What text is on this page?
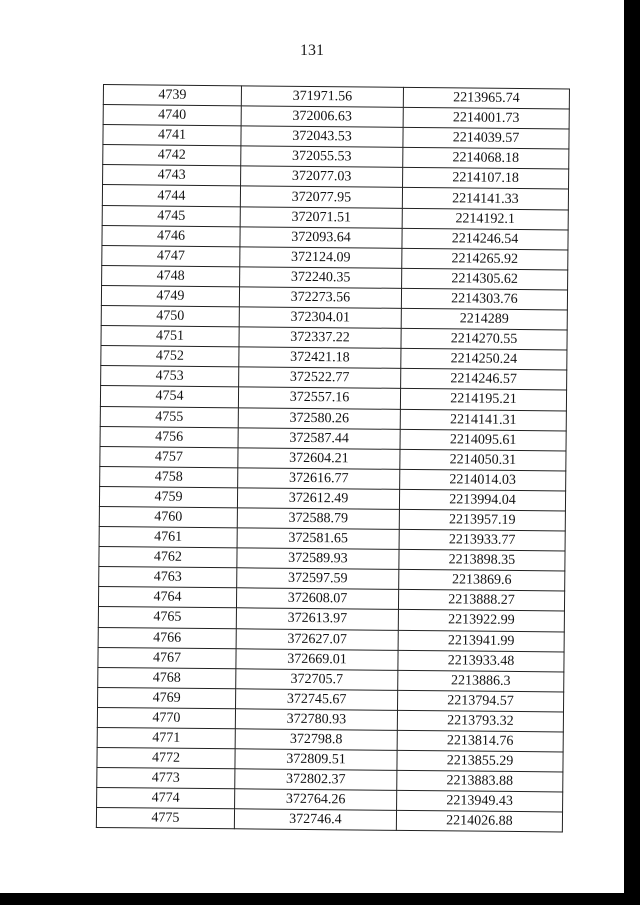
131
4739	371971.56	2213965.74
4740	372006.63	2214001.73
4741	372043.53	2214039.57
4742	372055.53	2214068.18
4743	372077.03	2214107.18
4744	372077.95	2214141.33
4745	372071.51	2214192.1
4746	372093.64	2214246.54
4747	372124.09	2214265.92
4748	372240.35	2214305.62
4749	372273.56	2214303.76
4750	372304.01	2214289
4751	372337.22	2214270.55
4752	372421.18	2214250.24
4753	372522.77	2214246.57
4754	372557.16	2214195.21
4755	372580.26	2214141.31
4756	372587.44	2214095.61
4757	372604.21	2214050.31
4758	372616.77	2214014.03
4759	372612.49	2213994.04
4760	372588.79	2213957.19
4761	372581.65	2213933.77
4762	372589.93	2213898.35
4763	372597.59	2213869.6
4764	372608.07	2213888.27
4765	372613.97	2213922.99
4766	372627.07	2213941.99
4767	372669.01	2213933.48
4768	372705.7	2213886.3
4769	372745.67	2213794.57
4770	372780.93	2213793.32
4771	372798.8	2213814.76
4772	372809.51	2213855.29
4773	372802.37	2213883.88
4774	372764.26	2213949.43
4775	372746.4	2214026.88
